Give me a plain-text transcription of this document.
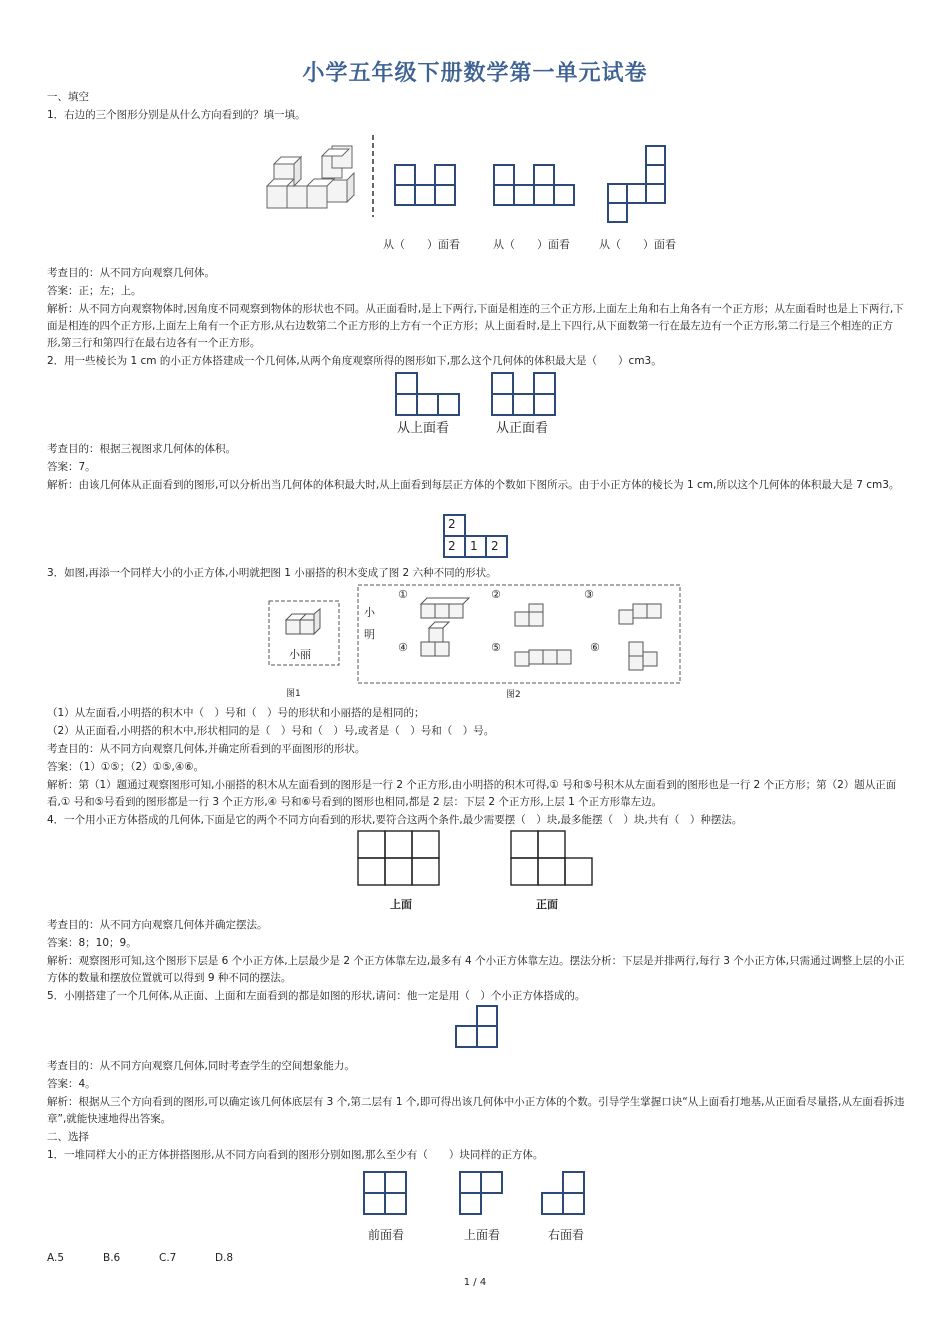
小学五年级下册数学第一单元试卷
一、填空
1．右边的三个图形分别是从什么方向看到的？填一填。
从（　　）面看	从（　　）面看	从（　　）面看
考查目的：从不同方向观察几何体。
答案：正；左；上。
解析：从不同方向观察物体时,因角度不同观察到物体的形状也不同。从正面看时,是上下两行,下面是相连的三个正方形,上面左上角和右上角各有一个正方形；从左面看时也是上下两行,下面是相连的四个正方形,上面左上角有一个正方形,从右边数第二个正方形的上方有一个正方形；从上面看时,是上下四行,从下面数第一行在最左边有一个正方形,第二行是三个相连的正方形,第三行和第四行在最右边各有一个正方形。
2．用一些棱长为 1 cm 的小正方体搭建成一个几何体,从两个角度观察所得的图形如下,那么这个几何体的体积最大是（　　）cm3。
从上面看	从正面看
考查目的：根据三视图求几何体的体积。
答案：7。
解析：由该几何体从正面看到的图形,可以分析出当几何体的体积最大时,从上面看到每层正方体的个数如下图所示。由于小正方体的棱长为 1 cm,所以这个几何体的体积最大是 7 cm3。
2
2 1 2
3．如图,再添一个同样大小的小正方体,小明就把图 1 小丽搭的积木变成了图 2 六种不同的形状。
小丽
小
明
①	②	③
④	⑤	⑥
图1	图2
（1）从左面看,小明搭的积木中（　）号和（　）号的形状和小丽搭的是相同的；
（2）从正面看,小明搭的积木中,形状相同的是（　）号和（　）号,或者是（　）号和（　）号。
考查目的：从不同方向观察几何体,并确定所看到的平面图形的形状。
答案：（1）①⑤；（2）①⑤,④⑥。
解析：第（1）题通过观察图形可知,小丽搭的积木从左面看到的图形是一行 2 个正方形,由小明搭的积木可得,① 号和⑤号积木从左面看到的图形也是一行 2 个正方形；第（2）题从正面看,① 号和⑤号看到的图形都是一行 3 个正方形,④ 号和⑥号看到的图形也相同,都是 2 层：下层 2 个正方形,上层 1 个正方形靠左边。
4．一个用小正方体搭成的几何体,下面是它的两个不同方向看到的形状,要符合这两个条件,最少需要摆（　）块,最多能摆（　）块,共有（　）种摆法。
上面	正面
考查目的：从不同方向观察几何体并确定摆法。
答案：8；10；9。
解析：观察图形可知,这个图形下层是 6 个小正方体,上层最少是 2 个正方体靠左边,最多有 4 个小正方体靠左边。摆法分析：下层是并排两行,每行 3 个小正方体,只需通过调整上层的小正方体的数量和摆放位置就可以得到 9 种不同的摆法。
5．小刚搭建了一个几何体,从正面、上面和左面看到的都是如图的形状,请问：他一定是用（　）个小正方体搭成的。
考查目的：从不同方向观察几何体,同时考查学生的空间想象能力。
答案：4。
解析：根据从三个方向看到的图形,可以确定该几何体底层有 3 个,第二层有 1 个,即可得出该几何体中小正方体的个数。引导学生掌握口诀“从上面看打地基,从正面看尽量搭,从左面看拆违章”,就能快速地得出答案。
二、选择
1．一堆同样大小的正方体拼搭图形,从不同方向看到的图形分别如图,那么至少有（　　）块同样的正方体。
前面看	上面看	右面看
A.5	B.6	C.7	D.8
1 / 4
